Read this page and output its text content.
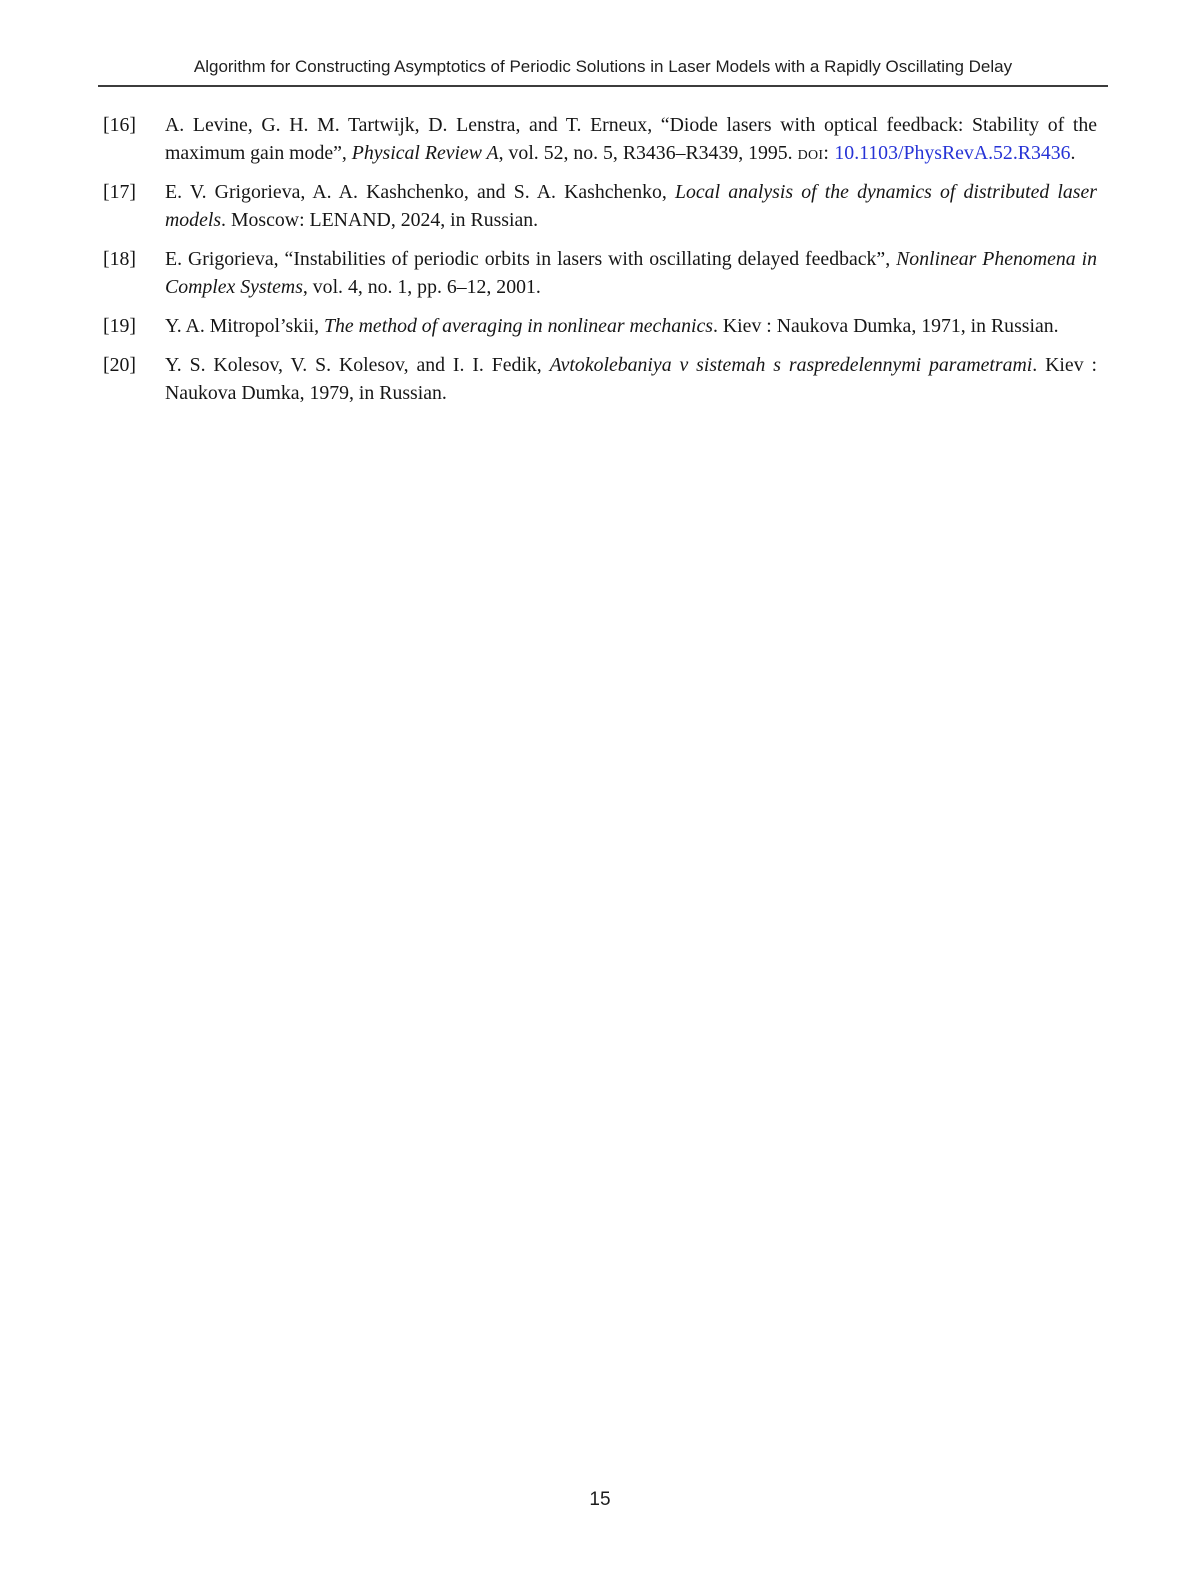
Algorithm for Constructing Asymptotics of Periodic Solutions in Laser Models with a Rapidly Oscillating Delay
[16]	A. Levine, G. H. M. Tartwijk, D. Lenstra, and T. Erneux, “Diode lasers with optical feedback: Stability of the maximum gain mode”, Physical Review A, vol. 52, no. 5, R3436–R3439, 1995. doi: 10.1103/PhysRevA.52.R3436.
[17]	E. V. Grigorieva, A. A. Kashchenko, and S. A. Kashchenko, Local analysis of the dynamics of distributed laser models. Moscow: LENAND, 2024, in Russian.
[18]	E. Grigorieva, “Instabilities of periodic orbits in lasers with oscillating delayed feedback”, Nonlinear Phenomena in Complex Systems, vol. 4, no. 1, pp. 6–12, 2001.
[19]	Y. A. Mitropol’skii, The method of averaging in nonlinear mechanics. Kiev : Naukova Dumka, 1971, in Russian.
[20]	Y. S. Kolesov, V. S. Kolesov, and I. I. Fedik, Avtokolebaniya v sistemah s raspredelennymi parametrami. Kiev : Naukova Dumka, 1979, in Russian.
15
